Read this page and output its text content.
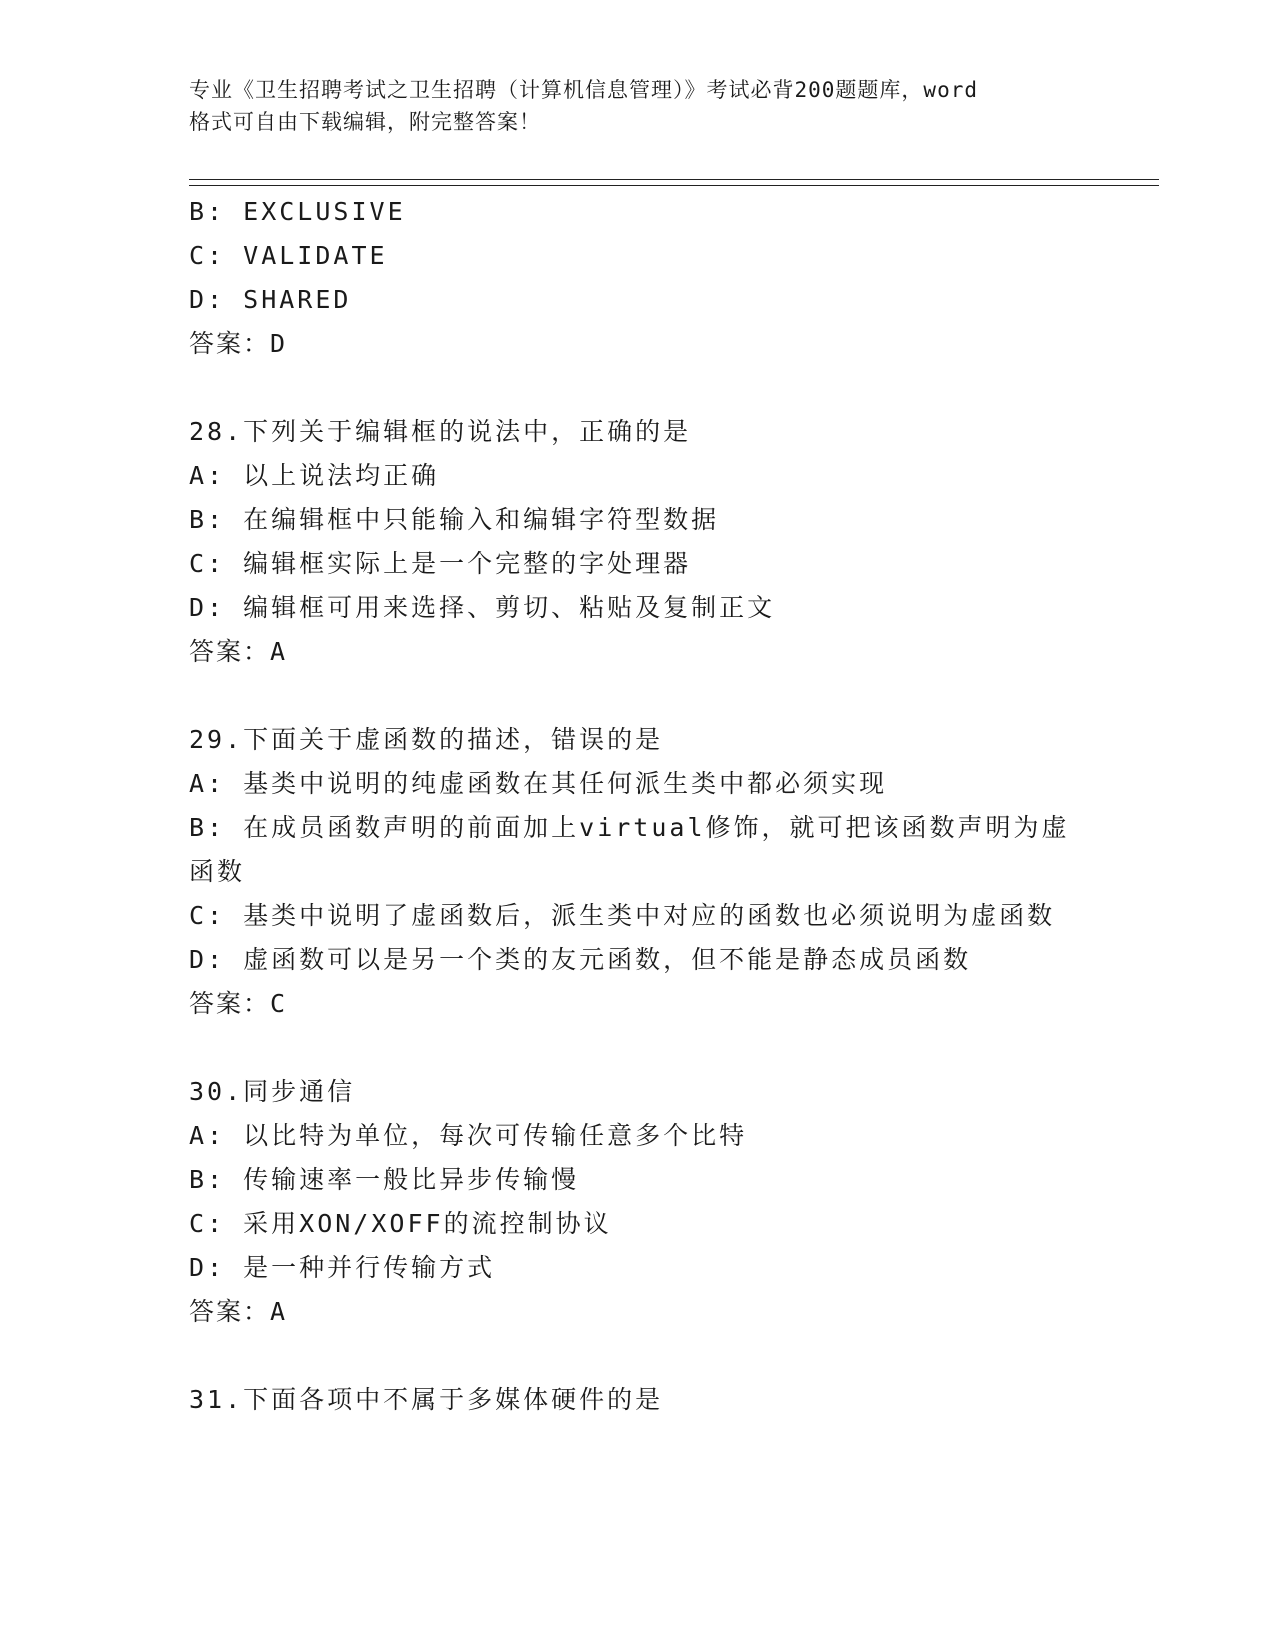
专业《卫生招聘考试之卫生招聘（计算机信息管理）》考试必背200题题库，word
格式可自由下载编辑，附完整答案！
B: EXCLUSIVE
C: VALIDATE
D: SHARED
答案：D
28.下列关于编辑框的说法中，正确的是
A: 以上说法均正确
B: 在编辑框中只能输入和编辑字符型数据
C: 编辑框实际上是一个完整的字处理器
D: 编辑框可用来选择、剪切、粘贴及复制正文
答案：A
29.下面关于虚函数的描述，错误的是
A: 基类中说明的纯虚函数在其任何派生类中都必须实现
B: 在成员函数声明的前面加上virtual修饰，就可把该函数声明为虚
函数
C: 基类中说明了虚函数后，派生类中对应的函数也必须说明为虚函数
D: 虚函数可以是另一个类的友元函数，但不能是静态成员函数
答案：C
30.同步通信
A: 以比特为单位，每次可传输任意多个比特
B: 传输速率一般比异步传输慢
C: 采用XON/XOFF的流控制协议
D: 是一种并行传输方式
答案：A
31.下面各项中不属于多媒体硬件的是
